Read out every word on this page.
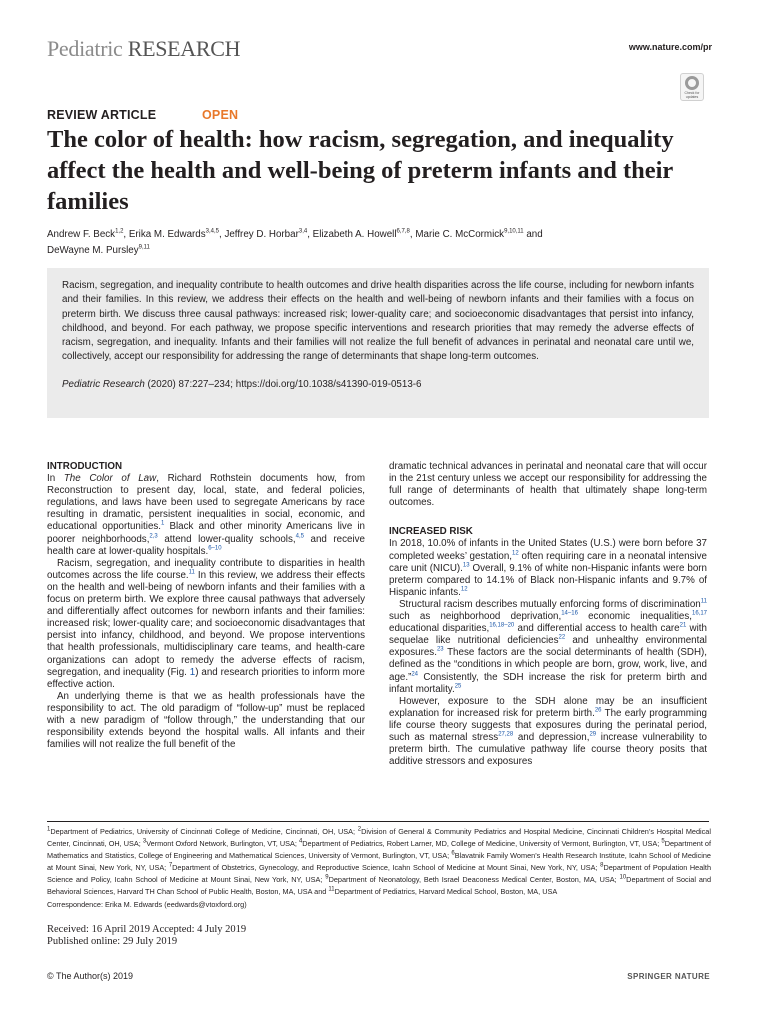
Pediatric RESEARCH	www.nature.com/pr
Check for updates
REVIEW ARTICLE	OPEN
The color of health: how racism, segregation, and inequality affect the health and well-being of preterm infants and their families
Andrew F. Beck$^{1,2}$, Erika M. Edwards$^{3,4,5}$, Jeffrey D. Horbar$^{3,4}$, Elizabeth A. Howell$^{6,7,8}$, Marie C. McCormick$^{9,10,11}$ and
DeWayne M. Pursley$^{9,11}$

Racism, segregation, and inequality contribute to health outcomes and drive health disparities across the life course, including for newborn infants and their families. In this review, we address their effects on the health and well-being of newborn infants and their families with a focus on preterm birth. We discuss three causal pathways: increased risk; lower-quality care; and socioeconomic disadvantages that persist into infancy, childhood, and beyond. For each pathway, we propose specific interventions and research priorities that may remedy the adverse effects of racism, segregation, and inequality. Infants and their families will not realize the full benefit of advances in perinatal and neonatal care until we, collectively, accept our responsibility for addressing the range of determinants that shape long-term outcomes.

Pediatric Research (2020) 87:227–234; https://doi.org/10.1038/s41390-019-0513-6

INTRODUCTION

In The Color of Law, Richard Rothstein documents how, from Reconstruction to present day, local, state, and federal policies, regulations, and laws have been used to segregate Americans by race resulting in dramatic, persistent inequalities in social, economic, and educational opportunities.$^1$ Black and other minority Americans live in poorer neighborhoods,$^{2,3}$ attend lower-quality schools,$^{4,5}$ and receive health care at lower-quality hospitals.$^{6-10}$

Racism, segregation, and inequality contribute to disparities in health outcomes across the life course.$^{11}$ In this review, we address their effects on the health and well-being of newborn infants and their families with a focus on preterm birth. We explore three causal pathways that adversely and differentially affect outcomes for newborn infants and their families: increased risk; lower-quality care; and socioeconomic disadvantages that persist into infancy, childhood, and beyond. We propose interventions that health professionals, multidisciplinary care teams, and health-care organizations can adopt to remedy the adverse effects of racism, segregation, and inequality (Fig. 1) and research priorities to inform more effective action.

An underlying theme is that we as health professionals have the responsibility to act. The old paradigm of “follow-up” must be replaced with a new paradigm of “follow through,” the understanding that our responsibility extends beyond the hospital walls. All infants and their families will not realize the full benefit of the

dramatic technical advances in perinatal and neonatal care that will occur in the 21st century unless we accept our responsibility for addressing the full range of determinants of health that ultimately shape long-term outcomes.

INCREASED RISK

In 2018, 10.0% of infants in the United States (U.S.) were born before 37 completed weeks’ gestation,$^{12}$ often requiring care in a neonatal intensive care unit (NICU).$^{13}$ Overall, 9.1% of white non-Hispanic infants were born preterm compared to 14.1% of Black non-Hispanic infants and 9.7% of Hispanic infants.$^{12}$

Structural racism describes mutually enforcing forms of discrimination$^{11}$ such as neighborhood deprivation,$^{14-16}$ economic inequalities,$^{16,17}$ educational disparities,$^{16,18-20}$ and differential access to health care$^{21}$ with sequelae like nutritional deficiencies$^{22}$ and unhealthy environmental exposures.$^{23}$ These factors are the social determinants of health (SDH), defined as the “conditions in which people are born, grow, work, live, and age.”$^{24}$ Consistently, the SDH increase the risk for preterm birth and infant mortality.$^{25}$

However, exposure to the SDH alone may be an insufficient explanation for increased risk for preterm birth.$^{26}$ The early programming life course theory suggests that exposures during the perinatal period, such as maternal stress$^{27,28}$ and depression,$^{29}$ increase vulnerability to preterm birth. The cumulative pathway life course theory posits that additive stressors and exposures

$^1$Department of Pediatrics, University of Cincinnati College of Medicine, Cincinnati, OH, USA; $^2$Division of General & Community Pediatrics and Hospital Medicine, Cincinnati Children’s Hospital Medical Center, Cincinnati, OH, USA; $^3$Vermont Oxford Network, Burlington, VT, USA; $^4$Department of Pediatrics, Robert Larner, MD, College of Medicine, University of Vermont, Burlington, VT, USA; $^5$Department of Mathematics and Statistics, College of Engineering and Mathematical Sciences, University of Vermont, Burlington, VT, USA; $^6$Blavatnik Family Women’s Health Research Institute, Icahn School of Medicine at Mount Sinai, New York, NY, USA; $^7$Department of Obstetrics, Gynecology, and Reproductive Science, Icahn School of Medicine at Mount Sinai, New York, NY, USA; $^8$Department of Population Health Science and Policy, Icahn School of Medicine at Mount Sinai, New York, NY, USA; $^9$Department of Neonatology, Beth Israel Deaconess Medical Center, Boston, MA, USA; $^{10}$Department of Social and Behavioral Sciences, Harvard TH Chan School of Public Health, Boston, MA, USA and $^{11}$Department of Pediatrics, Harvard Medical School, Boston, MA, USA
Correspondence: Erika M. Edwards (eedwards@vtoxford.org)
Received: 16 April 2019 Accepted: 4 July 2019
Published online: 29 July 2019
© The Author(s) 2019	SPRINGER NATURE
